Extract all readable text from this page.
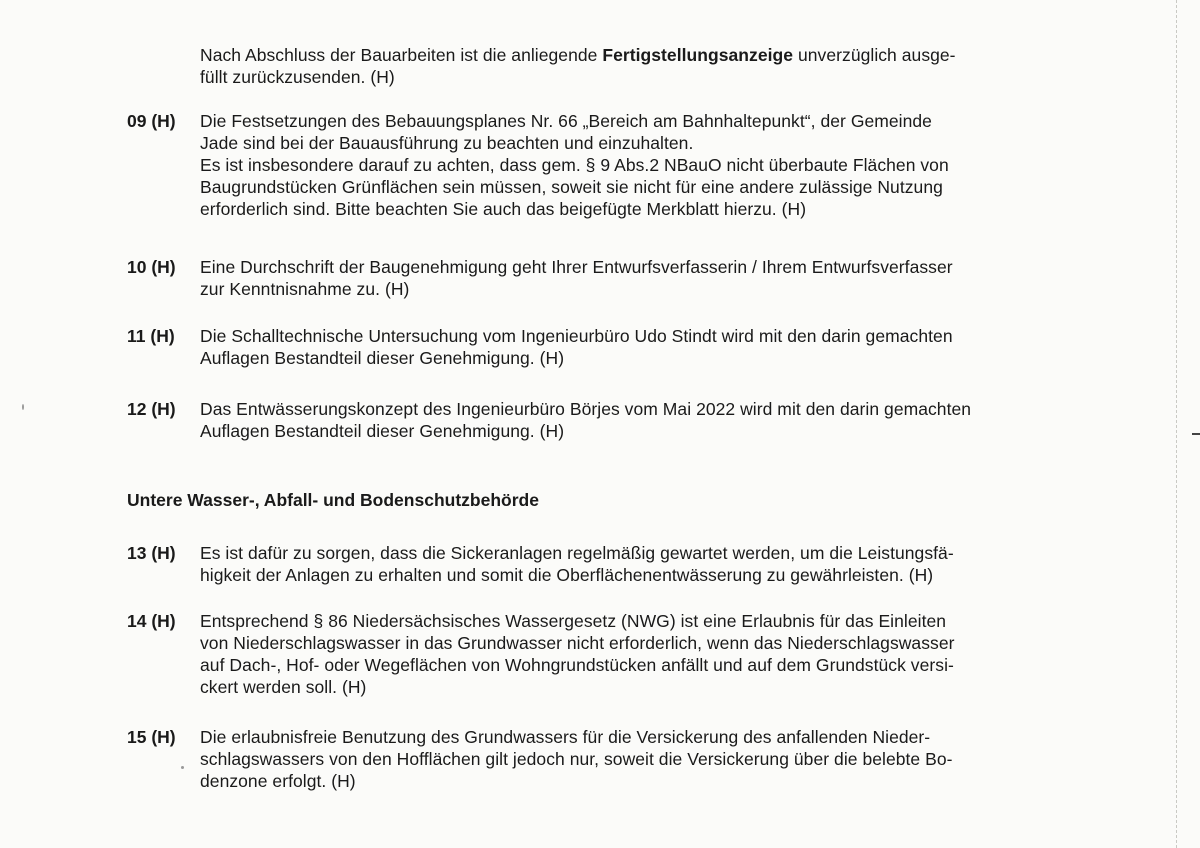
Nach Abschluss der Bauarbeiten ist die anliegende Fertigstellungsanzeige unverzüglich ausge-
füllt zurückzusenden. (H)
09 (H) Die Festsetzungen des Bebauungsplanes Nr. 66 „Bereich am Bahnhaltepunkt“, der Gemeinde
Jade sind bei der Bauausführung zu beachten und einzuhalten.
Es ist insbesondere darauf zu achten, dass gem. § 9 Abs.2 NBauO nicht überbaute Flächen von
Baugrundstücken Grünflächen sein müssen, soweit sie nicht für eine andere zulässige Nutzung
erforderlich sind. Bitte beachten Sie auch das beigefügte Merkblatt hierzu. (H)
10 (H) Eine Durchschrift der Baugenehmigung geht Ihrer Entwurfsverfasserin / Ihrem Entwurfsverfasser
zur Kenntnisnahme zu. (H)
11 (H) Die Schalltechnische Untersuchung vom Ingenieurbüro Udo Stindt wird mit den darin gemachten
Auflagen Bestandteil dieser Genehmigung. (H)
12 (H) Das Entwässerungskonzept des Ingenieurbüro Börjes vom Mai 2022 wird mit den darin gemachten
Auflagen Bestandteil dieser Genehmigung. (H)
Untere Wasser-, Abfall- und Bodenschutzbehörde
13 (H) Es ist dafür zu sorgen, dass die Sickeranlagen regelmäßig gewartet werden, um die Leistungsfä-
higkeit der Anlagen zu erhalten und somit die Oberflächenentwässerung zu gewährleisten. (H)
14 (H) Entsprechend § 86 Niedersächsisches Wassergesetz (NWG) ist eine Erlaubnis für das Einleiten
von Niederschlagswasser in das Grundwasser nicht erforderlich, wenn das Niederschlagswasser
auf Dach-, Hof- oder Wegeflächen von Wohngrundstücken anfällt und auf dem Grundstück versi-
ckert werden soll. (H)
15 (H) Die erlaubnisfreie Benutzung des Grundwassers für die Versickerung des anfallenden Nieder-
schlagswassers von den Hofflächen gilt jedoch nur, soweit die Versickerung über die belebte Bo-
denzone erfolgt. (H)
